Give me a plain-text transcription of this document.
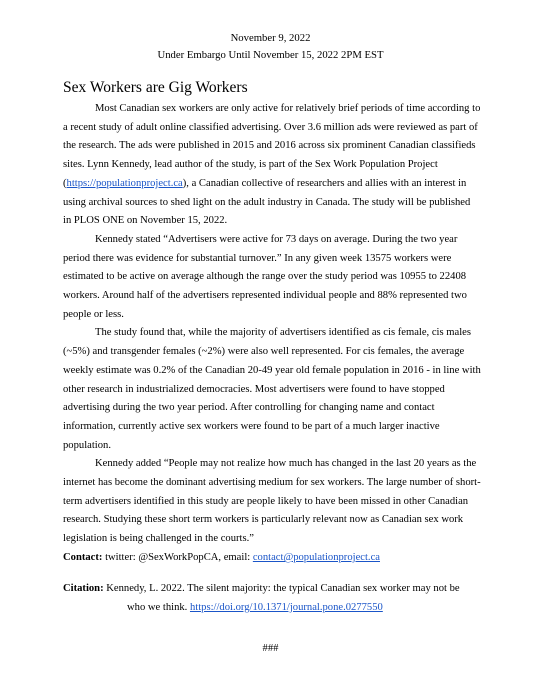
November 9, 2022
Under Embargo Until November 15, 2022 2PM EST
Sex Workers are Gig Workers

Most Canadian sex workers are only active for relatively brief periods of time according to a recent study of adult online classified advertising. Over 3.6 million ads were reviewed as part of the research. The ads were published in 2015 and 2016 across six prominent Canadian classifieds sites. Lynn Kennedy, lead author of the study, is part of the Sex Work Population Project (https://populationproject.ca), a Canadian collective of researchers and allies with an interest in using archival sources to shed light on the adult industry in Canada. The study will be published in PLOS ONE on November 15, 2022.

Kennedy stated “Advertisers were active for 73 days on average. During the two year period there was evidence for substantial turnover.” In any given week 13575 workers were estimated to be active on average although the range over the study period was 10955 to 22408 workers. Around half of the advertisers represented individual people and 88% represented two people or less.

The study found that, while the majority of advertisers identified as cis female, cis males (~5%) and transgender females (~2%) were also well represented. For cis females, the average weekly estimate was 0.2% of the Canadian 20-49 year old female population in 2016 - in line with other research in industrialized democracies. Most advertisers were found to have stopped advertising during the two year period. After controlling for changing name and contact information, currently active sex workers were found to be part of a much larger inactive population.

Kennedy added “People may not realize how much has changed in the last 20 years as the internet has become the dominant advertising medium for sex workers. The large number of short-term advertisers identified in this study are people likely to have been missed in other Canadian research. Studying these short term workers is particularly relevant now as Canadian sex work legislation is being challenged in the courts.”

Contact: twitter: @SexWorkPopCA, email: contact@populationproject.ca
Citation: Kennedy, L. 2022. The silent majority: the typical Canadian sex worker may not be
who we think. https://doi.org/10.1371/journal.pone.0277550
###
